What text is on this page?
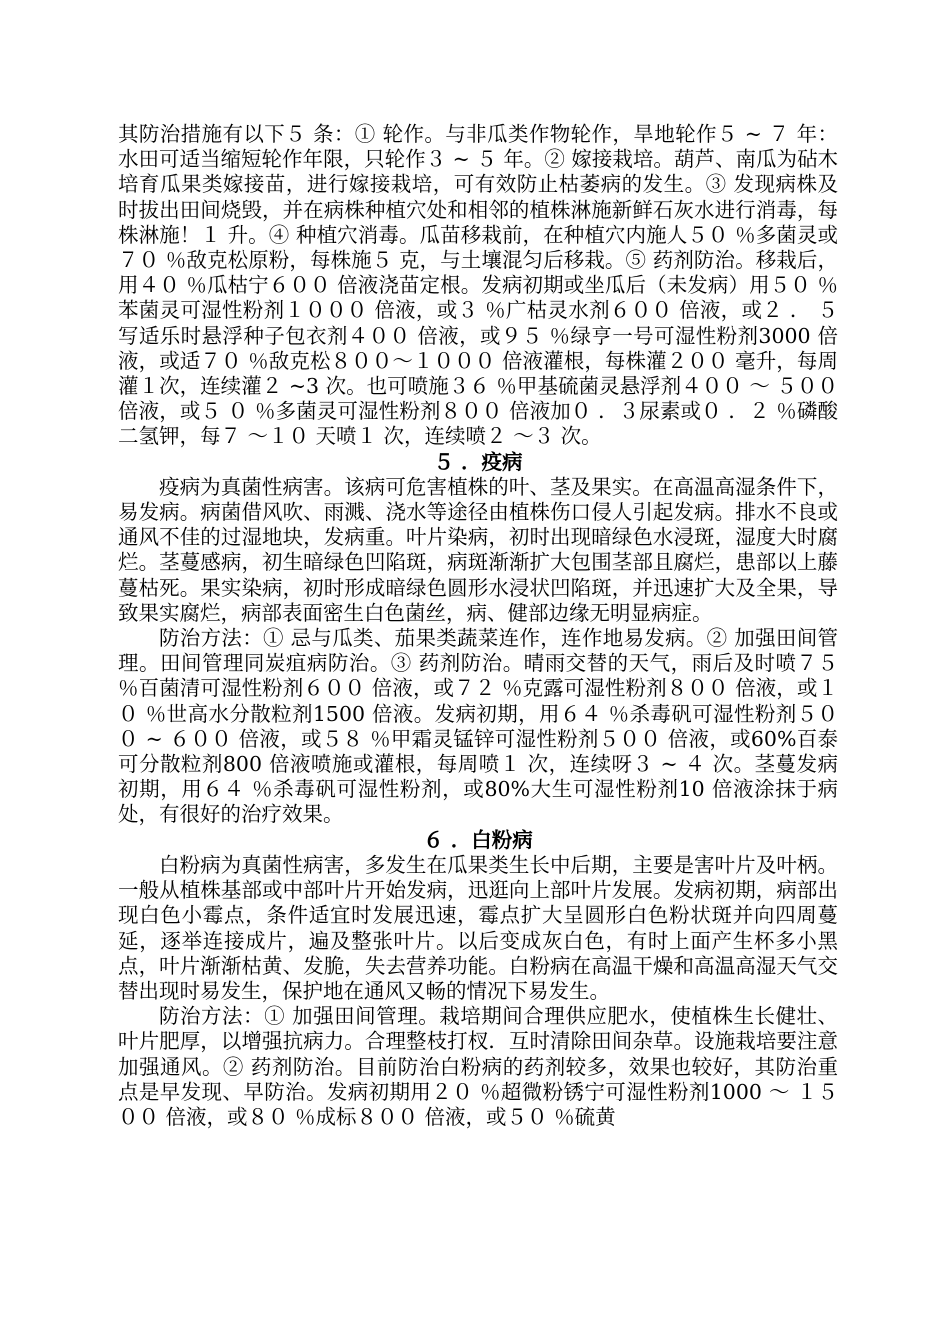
其防治措施有以下５ 条：① 轮作。与非瓜类作物轮作，旱地轮作５ ~ ７ 年：水田可适当缩短轮作年限，只轮作３ ~ ５ 年。② 嫁接栽培。葫芦、南瓜为砧木培育瓜果类嫁接苗，进行嫁接栽培，可有效防止枯萎病的发生。③ 发现病株及时拔出田间烧毁，并在病株种植穴处和相邻的植株淋施新鲜石灰水进行消毒，每株淋施！１ 升。④ 种植穴消毒。瓜苗移栽前，在种植穴内施人５０ ％多菌灵或７０ ％敌克松原粉，每株施５ 克，与土壤混匀后移栽。⑤ 药剂防治。移栽后，用４０ ％瓜枯宁６００ 倍液浇苗定根。发病初期或坐瓜后（未发病）用５０ ％苯菌灵可湿性粉剂１０００ 倍液，或３ ％广枯灵水剂６００ 倍液，或２ ． ５ 写适乐时悬浮种子包衣剂４００ 倍液，或９５ ％绿亨一号可湿性粉剂3000 倍液，或适７０ ％敌克松８００～１０００ 倍液灌根，每株灌２００ 毫升，每周灌１次，连续灌２ ~3 次。也可喷施３６ ％甲基硫菌灵悬浮剂４００ ～ ５００ 倍液，或５ ０ ％多菌灵可湿性粉剂８００ 倍液加０ ．３尿素或０ ．２ ％磷酸二氢钾，每７ ～１０ 天喷１ 次，连续喷２ ～３ 次。

５ ．疫病

疫病为真菌性病害。该病可危害植株的叶、茎及果实。在高温高湿条件下，易发病。病菌借风吹、雨溅、浇水等途径由植株伤口侵人引起发病。排水不良或通风不佳的过湿地块，发病重。叶片染病，初时出现暗绿色水浸斑，湿度大时腐烂。茎蔓感病，初生暗绿色凹陷斑，病斑渐渐扩大包围茎部且腐烂，患部以上藤蔓枯死。果实染病，初时形成暗绿色圆形水浸状凹陷斑，并迅速扩大及全果，导致果实腐烂，病部表面密生白色菌丝，病、健部边缘无明显病症。

防治方法：① 忌与瓜类、茄果类蔬菜连作，连作地易发病。② 加强田间管理。田间管理同炭疽病防治。③ 药剂防治。晴雨交替的天气，雨后及时喷７５ ％百菌清可湿性粉剂６００ 倍液，或７２ ％克露可湿性粉剂８００ 倍液，或１０ ％世高水分散粒剂1500 倍液。发病初期，用６４ ％杀毒矾可湿性粉剂５００ ~ ６００ 倍液，或５８ ％甲霜灵锰锌可湿性粉剂５００ 倍液，或60%百泰可分散粒剂800 倍液喷施或灌根，每周喷１ 次，连续呀３ ~ ４ 次。茎蔓发病初期，用６４ ％杀毒矾可湿性粉剂，或80%大生可湿性粉剂10 倍液涂抹于病处，有很好的治疗效果。

６ ．白粉病

白粉病为真菌性病害，多发生在瓜果类生长中后期，主要是害叶片及叶柄。一般从植株基部或中部叶片开始发病，迅逛向上部叶片发展。发病初期，病部出现白色小霉点，条件适宜时发展迅速，霉点扩大呈圆形白色粉状斑并向四周蔓延，逐举连接成片，遍及整张叶片。以后变成灰白色，有时上面产生杯多小黑点，叶片渐渐枯黄、发脆，失去营养功能。白粉病在高温干燥和高温高湿天气交替出现时易发生，保护地在通风又畅的情况下易发生。

防治方法：① 加强田间管理。栽培期间合理供应肥水，使植株生长健壮、叶片肥厚，以增强抗病力。合理整枝打杈．互时清除田间杂草。设施栽培要注意加强通风。② 药剂防治。目前防治白粉病的药剂较多，效果也较好，其防治重点是早发现、早防治。发病初期用２０ ％超微粉锈宁可湿性粉剂1000 ～ １５００ 倍液，或８０ ％成标８００ 倍液，或５０ ％硫黄
